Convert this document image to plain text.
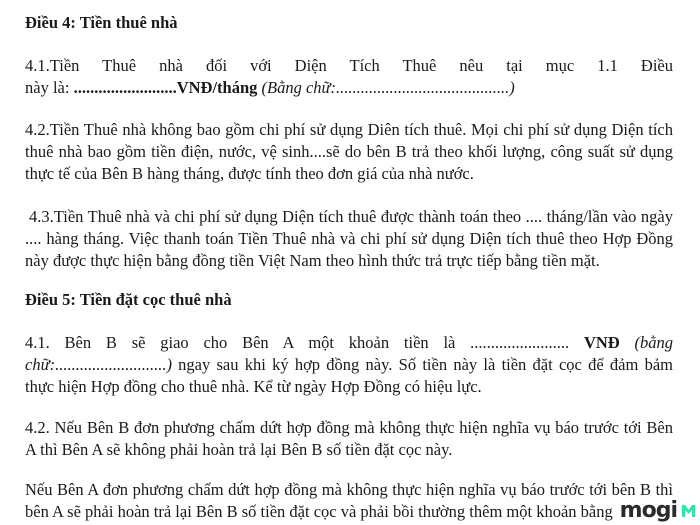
Điều 4: Tiền thuê nhà
4.1.Tiền Thuê nhà đối với Diện Tích Thuê nêu tại mục 1.1 Điều
này là: .........................VNĐ/tháng (Bằng chữ:..........................................)
4.2.Tiền Thuê nhà không bao gồm chi phí sử dụng Diên tích thuê. Mọi chi phí sử dụng Diện tích
thuê nhà bao gồm tiền điện, nước, vệ sinh....sẽ do bên B trả theo khối lượng, công suất sử dụng
thực tế của Bên B hàng tháng, được tính theo đơn giá của nhà nước.
4.3.Tiền Thuê nhà và chi phí sử dụng Diện tích thuê được thành toán theo .... tháng/lần vào ngày
.... hàng tháng. Việc thanh toán Tiền Thuê nhà và chi phí sử dụng Diện tích thuê theo Hợp Đồng
này được thực hiện bằng đồng tiền Việt Nam theo hình thức trả trực tiếp bằng tiền mặt.
Điều 5: Tiền đặt cọc thuê nhà
4.1. Bên B sẽ giao cho Bên A một khoản tiền là ........................ VNĐ (bằng
chữ:...........................) ngay sau khi ký hợp đồng này. Số tiền này là tiền đặt cọc để đảm bảm
thực hiện Hợp đồng cho thuê nhà. Kể từ ngày Hợp Đồng có hiệu lực.
4.2. Nếu Bên B đơn phương chấm dứt hợp đồng mà không thực hiện nghĩa vụ báo trước tới Bên
A thì Bên A sẽ không phải hoàn trả lại Bên B số tiền đặt cọc này.
Nếu Bên A đơn phương chấm dứt hợp đồng mà không thực hiện nghĩa vụ báo trước tới bên B thì
bên A sẽ phải hoàn trả lại Bên B số tiền đặt cọc và phải bồi thường thêm một khoản bằng mogi
